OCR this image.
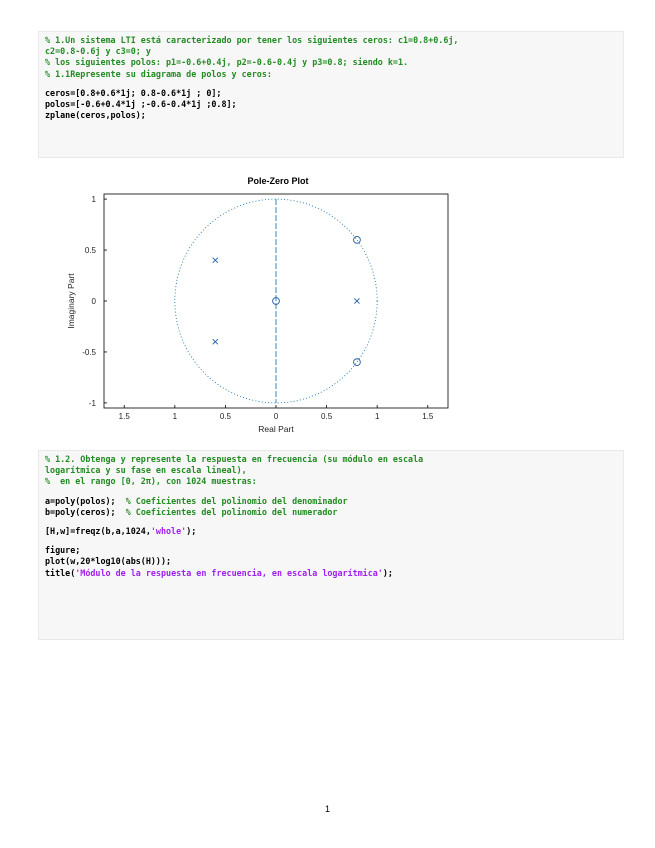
% 1.Un sistema LTI está caracterizado por tener los siguientes ceros: c1=0.8+0.6j,
c2=0.8-0.6j y c3=0; y
% los siguientes polos: p1=-0.6+0.4j, p2=-0.6-0.4j y p3=0.8; siendo k=1.
% 1.1Represente su diagrama de polos y ceros:
ceros=[0.8+0.6*1j; 0.8-0.6*1j ; 0];
polos=[-0.6+0.4*1j ;-0.6-0.4*1j ;0.8];
zplane(ceros,polos);
Pole-Zero Plot
1.5	1	0.5	0	0.5	1	1.5
1
0.5
0
-0.5
-1
Real Part
Imaginary Part
% 1.2. Obtenga y represente la respuesta en frecuencia (su módulo en escala
logarítmica y su fase en escala lineal),
%  en el rango [0, 2π), con 1024 muestras:
a=poly(polos);  % Coeficientes del polinomio del denominador
b=poly(ceros);  % Coeficientes del polinomio del numerador
[H,w]=freqz(b,a,1024,'whole');
figure;
plot(w,20*log10(abs(H)));
title('Módulo de la respuesta en frecuencia, en escala logarítmica');
1
